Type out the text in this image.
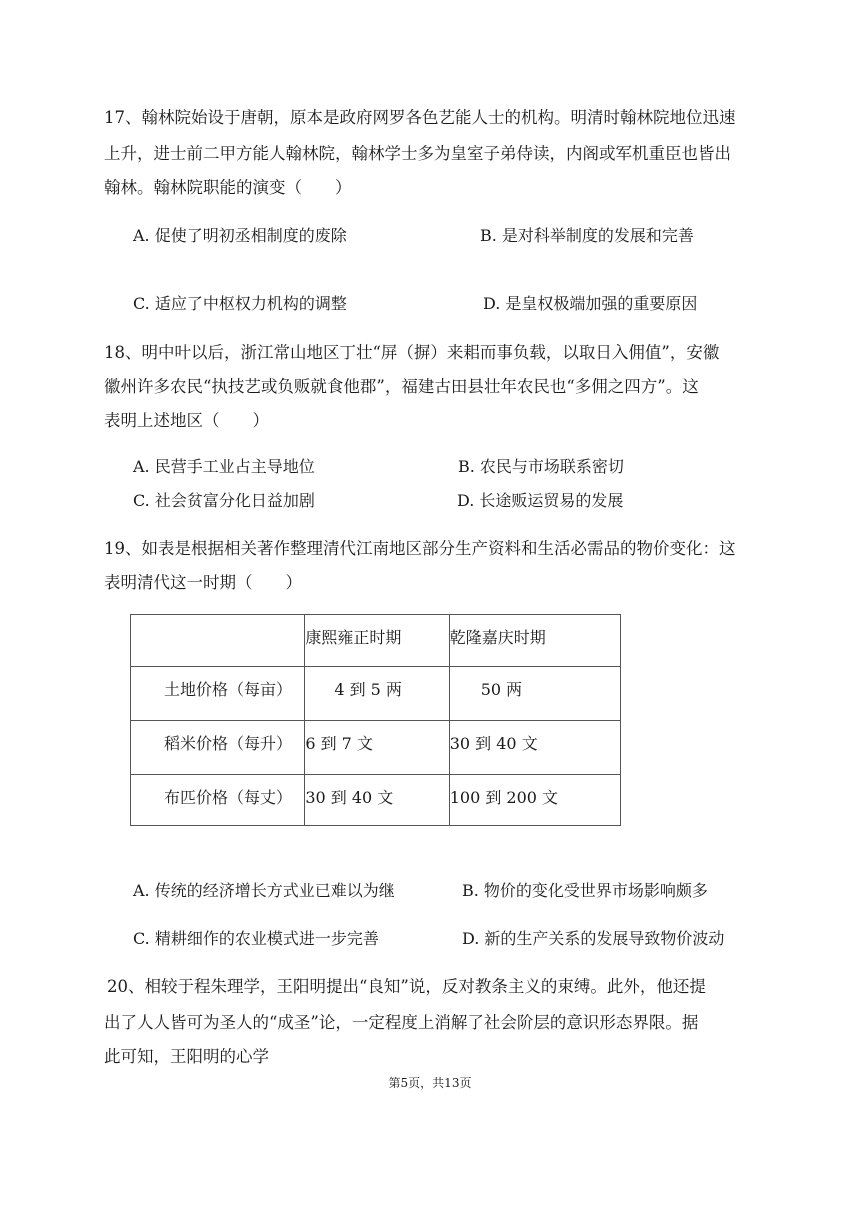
17、翰林院始设于唐朝，原本是政府网罗各色艺能人士的机构。明清时翰林院地位迅速
上升，进士前二甲方能人翰林院，翰林学士多为皇室子弟侍读，内阁或军机重臣也皆出
翰林。翰林院职能的演变（　　）
A. 促使了明初丞相制度的废除	B. 是对科举制度的发展和完善
C. 适应了中枢权力机构的调整	D. 是皇权极端加强的重要原因
18、明中叶以后，浙江常山地区丁壮“屏（摒）来耜而事负载，以取日入佣值”，安徽
徽州许多农民“执技艺或负贩就食他郡”，福建古田县壮年农民也“多佣之四方”。这
表明上述地区（　　）
A. 民营手工业占主导地位	B. 农民与市场联系密切
C. 社会贫富分化日益加剧	D. 长途贩运贸易的发展
19、如表是根据相关著作整理清代江南地区部分生产资料和生活必需品的物价变化：这
表明清代这一时期（　　）

	康熙雍正时期	乾隆嘉庆时期

土地价格（每亩）	4 到 5 两	50 两

稻米价格（每升）	6 到 7 文	30 到 40 文

布匹价格（每丈）	30 到 40 文	100 到 200 文
A. 传统的经济增长方式业已难以为继	B. 物价的变化受世界市场影响颇多
C. 精耕细作的农业模式进一步完善	D. 新的生产关系的发展导致物价波动
20、相较于程朱理学，王阳明提出“良知”说，反对教条主义的束缚。此外，他还提
出了人人皆可为圣人的“成圣”论，一定程度上消解了社会阶层的意识形态界限。据
此可知，王阳明的心学
第5页，共13页
